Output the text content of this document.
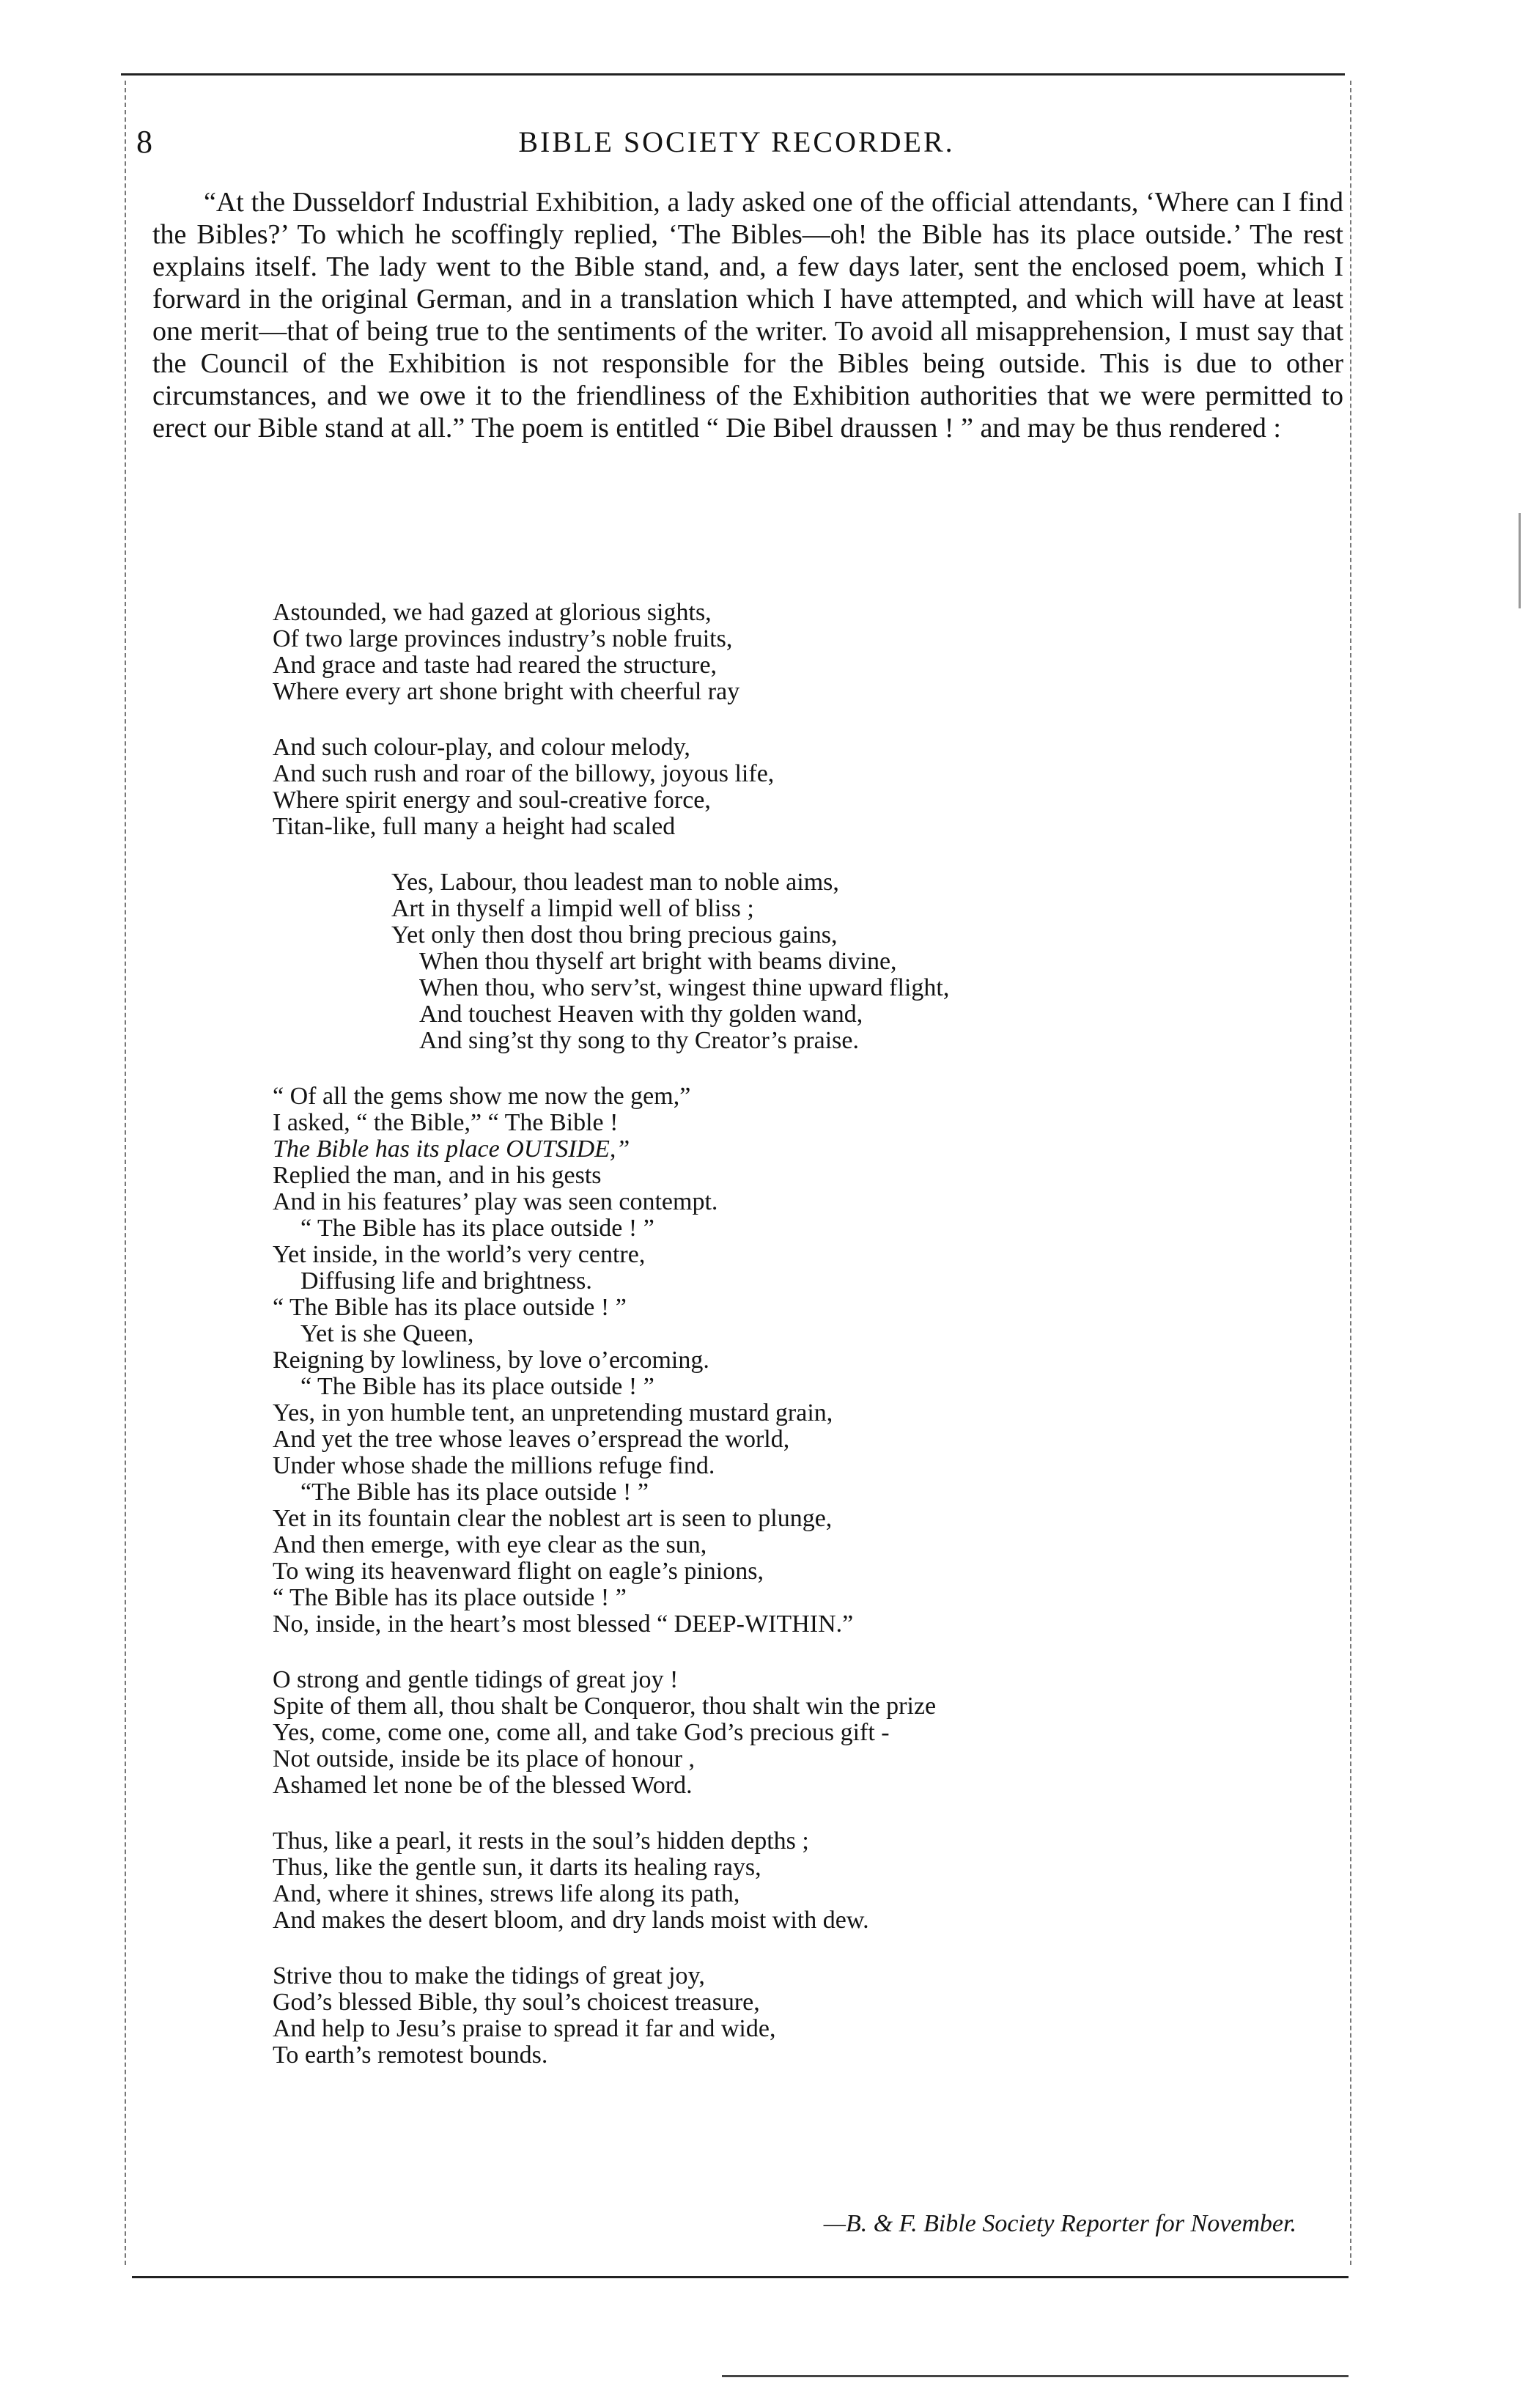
8	BIBLE SOCIETY RECORDER.

“At the Dusseldorf Industrial Exhibition, a lady asked one of the official attendants, ‘Where can I find the Bibles?’ To which he scoffingly replied, ‘The Bibles—oh! the Bible has its place outside.’ The rest explains itself. The lady went to the Bible stand, and, a few days later, sent the enclosed poem, which I forward in the original German, and in a translation which I have attempted, and which will have at least one merit—that of being true to the sentiments of the writer. To avoid all misapprehension, I must say that the Council of the Exhibition is not responsible for the Bibles being outside. This is due to other circumstances, and we owe it to the friendliness of the Exhibition authorities that we were permitted to erect our Bible stand at all.” The poem is entitled “ Die Bibel draussen ! ” and may be thus rendered :

Astounded, we had gazed at glorious sights,
Of two large provinces industry’s noble fruits,
And grace and taste had reared the structure,
Where every art shone bright with cheerful ray
And such colour-play, and colour melody,
And such rush and roar of the billowy, joyous life,
Where spirit energy and soul-creative force,
Titan-like, full many a height had scaled
Yes, Labour, thou leadest man to noble aims,
Art in thyself a limpid well of bliss ;
Yet only then dost thou bring precious gains,
When thou thyself art bright with beams divine,
When thou, who serv’st, wingest thine upward flight,
And touchest Heaven with thy golden wand,
And sing’st thy song to thy Creator’s praise.
“ Of all the gems show me now the gem,”
I asked, “ the Bible,” “ The Bible !
The Bible has its place OUTSIDE,”
Replied the man, and in his gests
And in his features’ play was seen contempt.
“ The Bible has its place outside ! ”
Yet inside, in the world’s very centre,
Diffusing life and brightness.
“ The Bible has its place outside ! ”
Yet is she Queen,
Reigning by lowliness, by love o’ercoming.
“ The Bible has its place outside ! ”
Yes, in yon humble tent, an unpretending mustard grain,
And yet the tree whose leaves o’erspread the world,
Under whose shade the millions refuge find.
“The Bible has its place outside ! ”
Yet in its fountain clear the noblest art is seen to plunge,
And then emerge, with eye clear as the sun,
To wing its heavenward flight on eagle’s pinions,
“ The Bible has its place outside ! ”
No, inside, in the heart’s most blessed “ DEEP-WITHIN.”
O strong and gentle tidings of great joy !
Spite of them all, thou shalt be Conqueror, thou shalt win the prize
Yes, come, come one, come all, and take God’s precious gift -
Not outside, inside be its place of honour ,
Ashamed let none be of the blessed Word.
Thus, like a pearl, it rests in the soul’s hidden depths ;
Thus, like the gentle sun, it darts its healing rays,
And, where it shines, strews life along its path,
And makes the desert bloom, and dry lands moist with dew.
Strive thou to make the tidings of great joy,
God’s blessed Bible, thy soul’s choicest treasure,
And help to Jesu’s praise to spread it far and wide,
To earth’s remotest bounds.
—B. & F. Bible Society Reporter for November.
